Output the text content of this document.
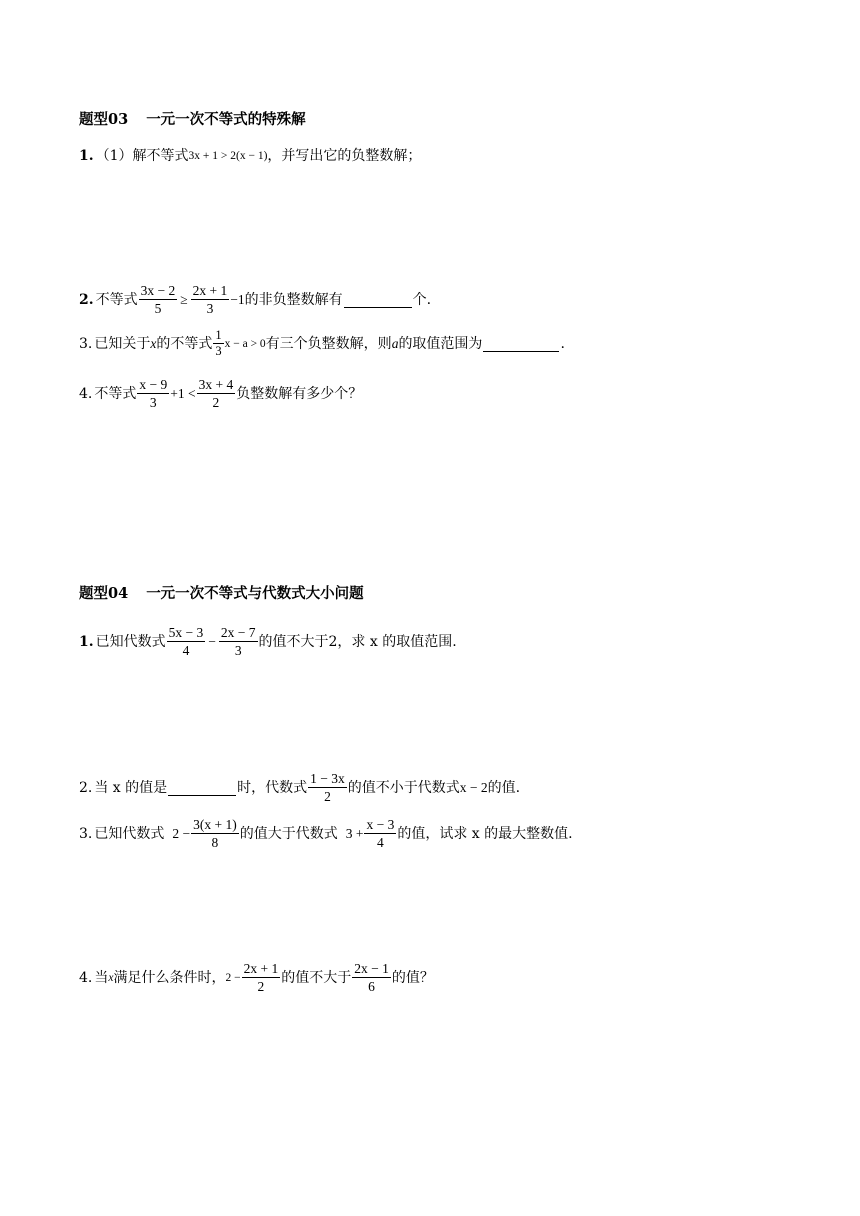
题型03 一元一次不等式的特殊解
1. （1）解不等式 3x + 1 > 2(x − 1) ，并写出它的负整数解；
2. 不等式 $\frac{3x - 2}{5} \ge \frac{2x + 1}{3} -1$ 的非负整数解有	个.
3. 已知关于 x 的不等式 $\frac{1}{3}$ x − a > 0 有三个负整数解，则 a 的取值范围为	.
4. 不等式 $\frac{x - 9}{3} +1 < \frac{3x + 4}{2}$ 负整数解有多少个？
题型04 一元一次不等式与代数式大小问题
1. 已知代数式 $\frac{5x - 3}{4} - \frac{2x - 7}{3}$ 的值不大于2，求 x 的取值范围.
2. 当 x 的值是	时，代数式 $\frac{1 - 3x}{2}$ 的值不小于代数式 x − 2 的值.
3. 已知代数式 $2 - \frac{3(x + 1)}{8}$ 的值大于代数式 $3 + \frac{x - 3}{4}$ 的值，试求 x 的最大整数值.
4. 当 x 满足什么条件时， $2 - \frac{2x + 1}{2}$ 的值不大于 $\frac{2x - 1}{6}$ 的值？
